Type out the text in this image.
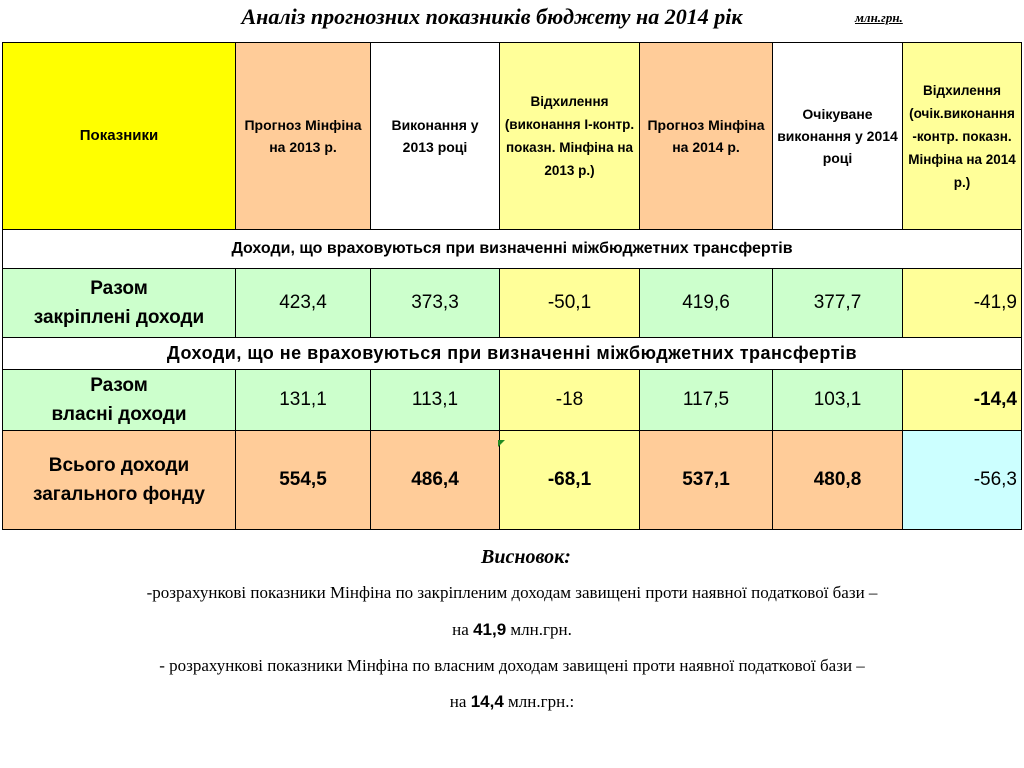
Аналіз прогнозних показників бюджету на 2014 рік	млн.грн.
Показники	Прогноз Мінфіна на 2013 р.	Виконання у 2013 році	Відхилення (виконання І-контр. показн. Мінфіна на 2013 р.)	Прогноз Мінфіна на 2014 р.	Очікуване виконання у 2014 році	Відхилення (очік.виконання -контр. показн. Мінфіна на 2014 р.)
Доходи, що враховуються при визначенні міжбюджетних трансфертів						
Разом
закріплені доходи	423,4	373,3	-50,1	419,6	377,7	-41,9
Доходи, що не враховуються при визначенні міжбюджетних трансфертів						
Разом
власні доходи	131,1	113,1	-18	117,5	103,1	-14,4
Всього доходи
загального фонду	554,5	486,4	-68,1	537,1	480,8	-56,3
Висновок:
-розрахункові показники Мінфіна по закріпленим доходам завищені проти наявної податкової бази –
на 41,9 млн.грн.
- розрахункові показники Мінфіна по власним доходам завищені проти наявної податкової бази –
на 14,4 млн.грн.:
